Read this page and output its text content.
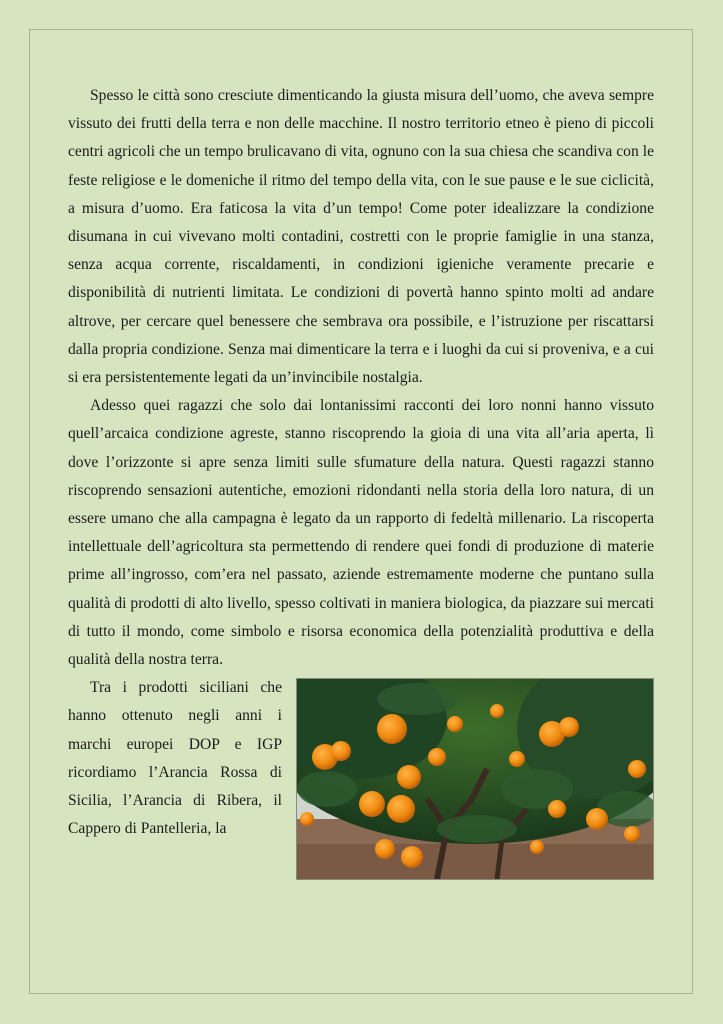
Spesso le città sono cresciute dimenticando la giusta misura dell’uomo, che aveva sempre vissuto dei frutti della terra e non delle macchine. Il nostro territorio etneo è pieno di piccoli centri agricoli che un tempo brulicavano di vita, ognuno con la sua chiesa che scandiva con le feste religiose e le domeniche il ritmo del tempo della vita, con le sue pause e le sue ciclicità, a misura d’uomo. Era faticosa la vita d’un tempo! Come poter idealizzare la condizione disumana in cui vivevano molti contadini, costretti con le proprie famiglie in una stanza, senza acqua corrente, riscaldamenti, in condizioni igieniche veramente precarie e disponibilità di nutrienti limitata. Le condizioni di povertà hanno spinto molti ad andare altrove, per cercare quel benessere che sembrava ora possibile, e l’istruzione per riscattarsi dalla propria condizione. Senza mai dimenticare la terra e i luoghi da cui si proveniva, e a cui si era persistentemente legati da un’invincibile nostalgia.

Adesso quei ragazzi che solo dai lontanissimi racconti dei loro nonni hanno vissuto quell’arcaica condizione agreste, stanno riscoprendo la gioia di una vita all’aria aperta, lì dove l’orizzonte si apre senza limiti sulle sfumature della natura. Questi ragazzi stanno riscoprendo sensazioni autentiche, emozioni ridondanti nella storia della loro natura, di un essere umano che alla campagna è legato da un rapporto di fedeltà millenario. La riscoperta intellettuale dell’agricoltura sta permettendo di rendere quei fondi di produzione di materie prime all’ingrosso, com’era nel passato, aziende estremamente moderne che puntano sulla qualità di prodotti di alto livello, spesso coltivati in maniera biologica, da piazzare sui mercati di tutto il mondo, come simbolo e risorsa economica della potenzialità produttiva e della qualità della nostra terra.

Tra i prodotti siciliani che hanno ottenuto negli anni i marchi europei DOP e IGP ricordiamo l’Arancia Rossa di Sicilia, l’Arancia di Ribera, il Cappero di Pantelleria, la
